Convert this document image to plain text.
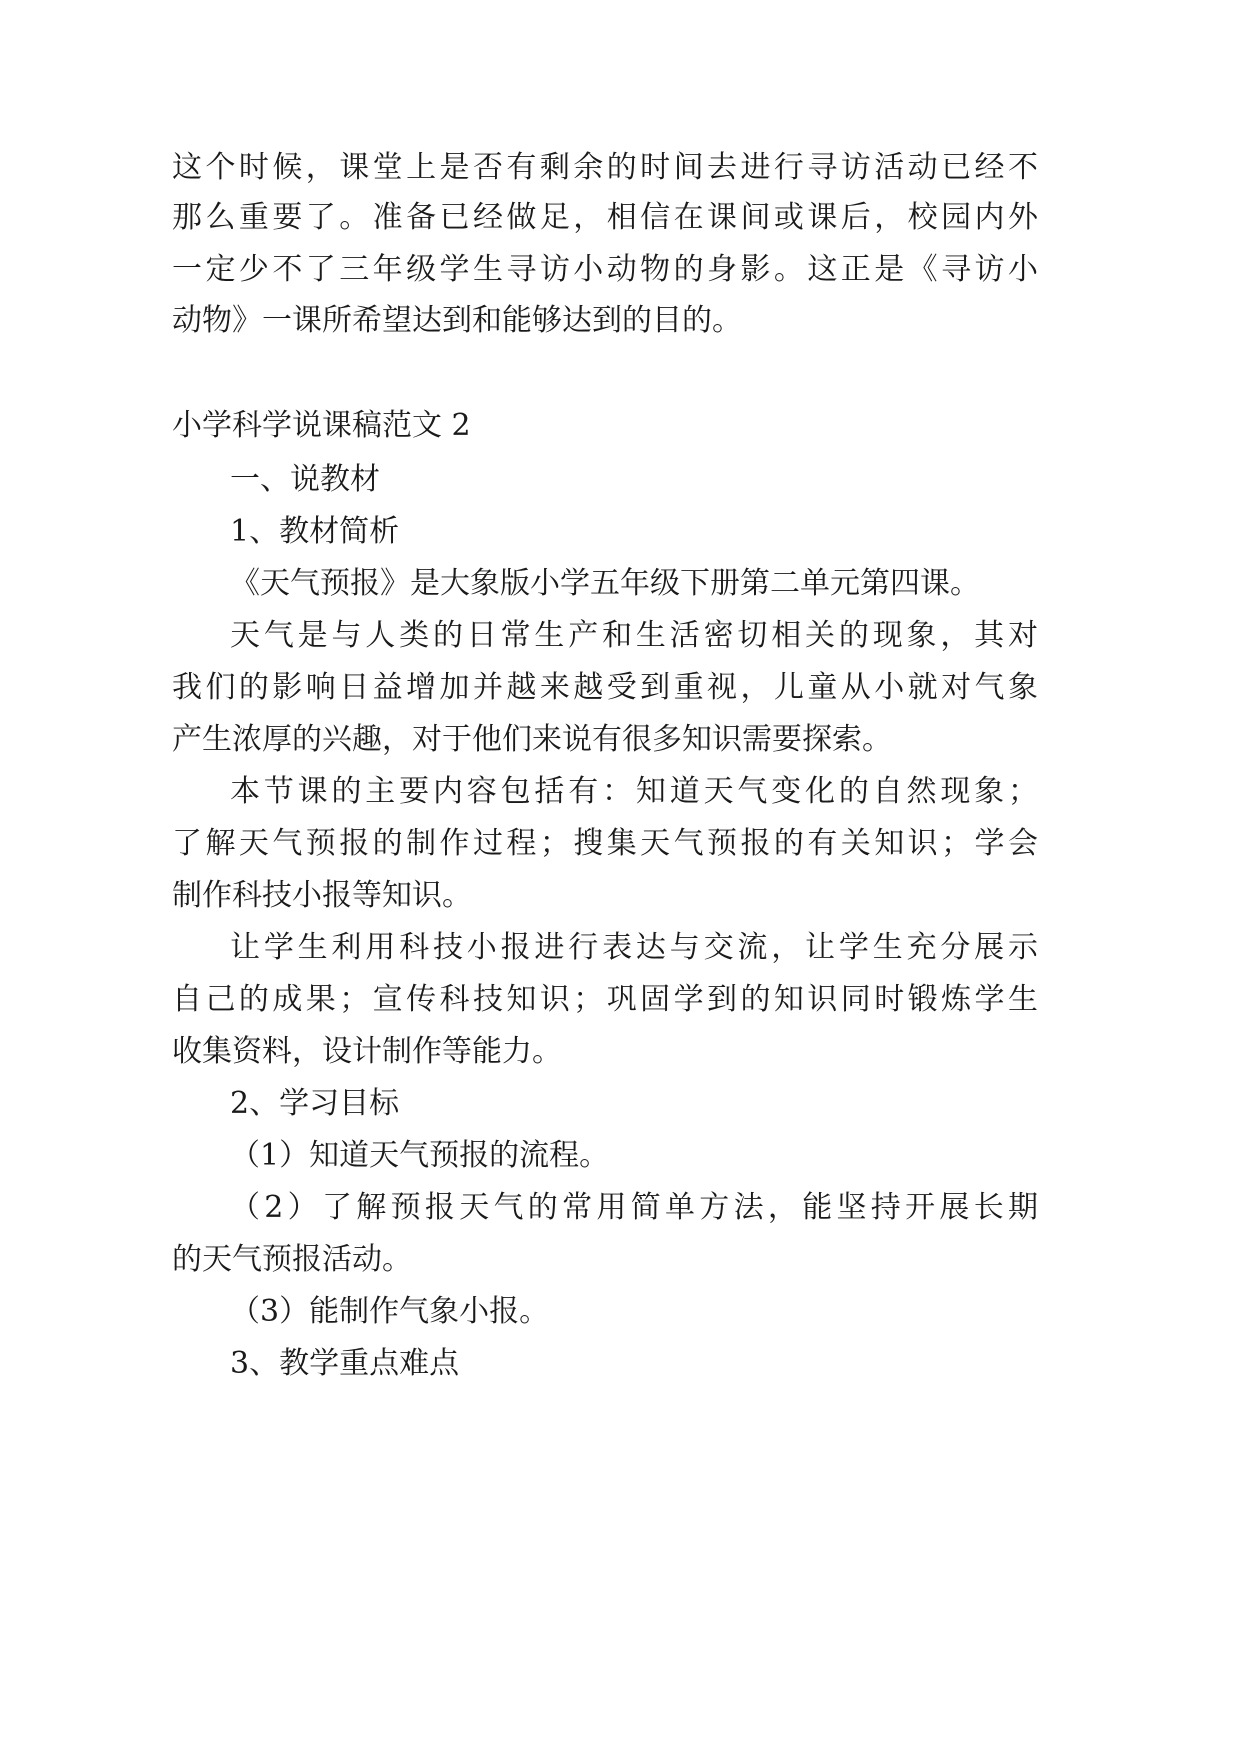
这个时候，课堂上是否有剩余的时间去进行寻访活动已经不
那么重要了。准备已经做足，相信在课间或课后，校园内外
一定少不了三年级学生寻访小动物的身影。这正是《寻访小
动物》一课所希望达到和能够达到的目的。
小学科学说课稿范文 2
一、说教材
1、教材简析
《天气预报》是大象版小学五年级下册第二单元第四课。
天气是与人类的日常生产和生活密切相关的现象，其对
我们的影响日益增加并越来越受到重视，儿童从小就对气象
产生浓厚的兴趣，对于他们来说有很多知识需要探索。
本节课的主要内容包括有：知道天气变化的自然现象；
了解天气预报的制作过程；搜集天气预报的有关知识；学会
制作科技小报等知识。
让学生利用科技小报进行表达与交流，让学生充分展示
自己的成果；宣传科技知识；巩固学到的知识同时锻炼学生
收集资料，设计制作等能力。
2、学习目标
（1）知道天气预报的流程。
（2）了解预报天气的常用简单方法，能坚持开展长期
的天气预报活动。
（3）能制作气象小报。
3、教学重点难点
